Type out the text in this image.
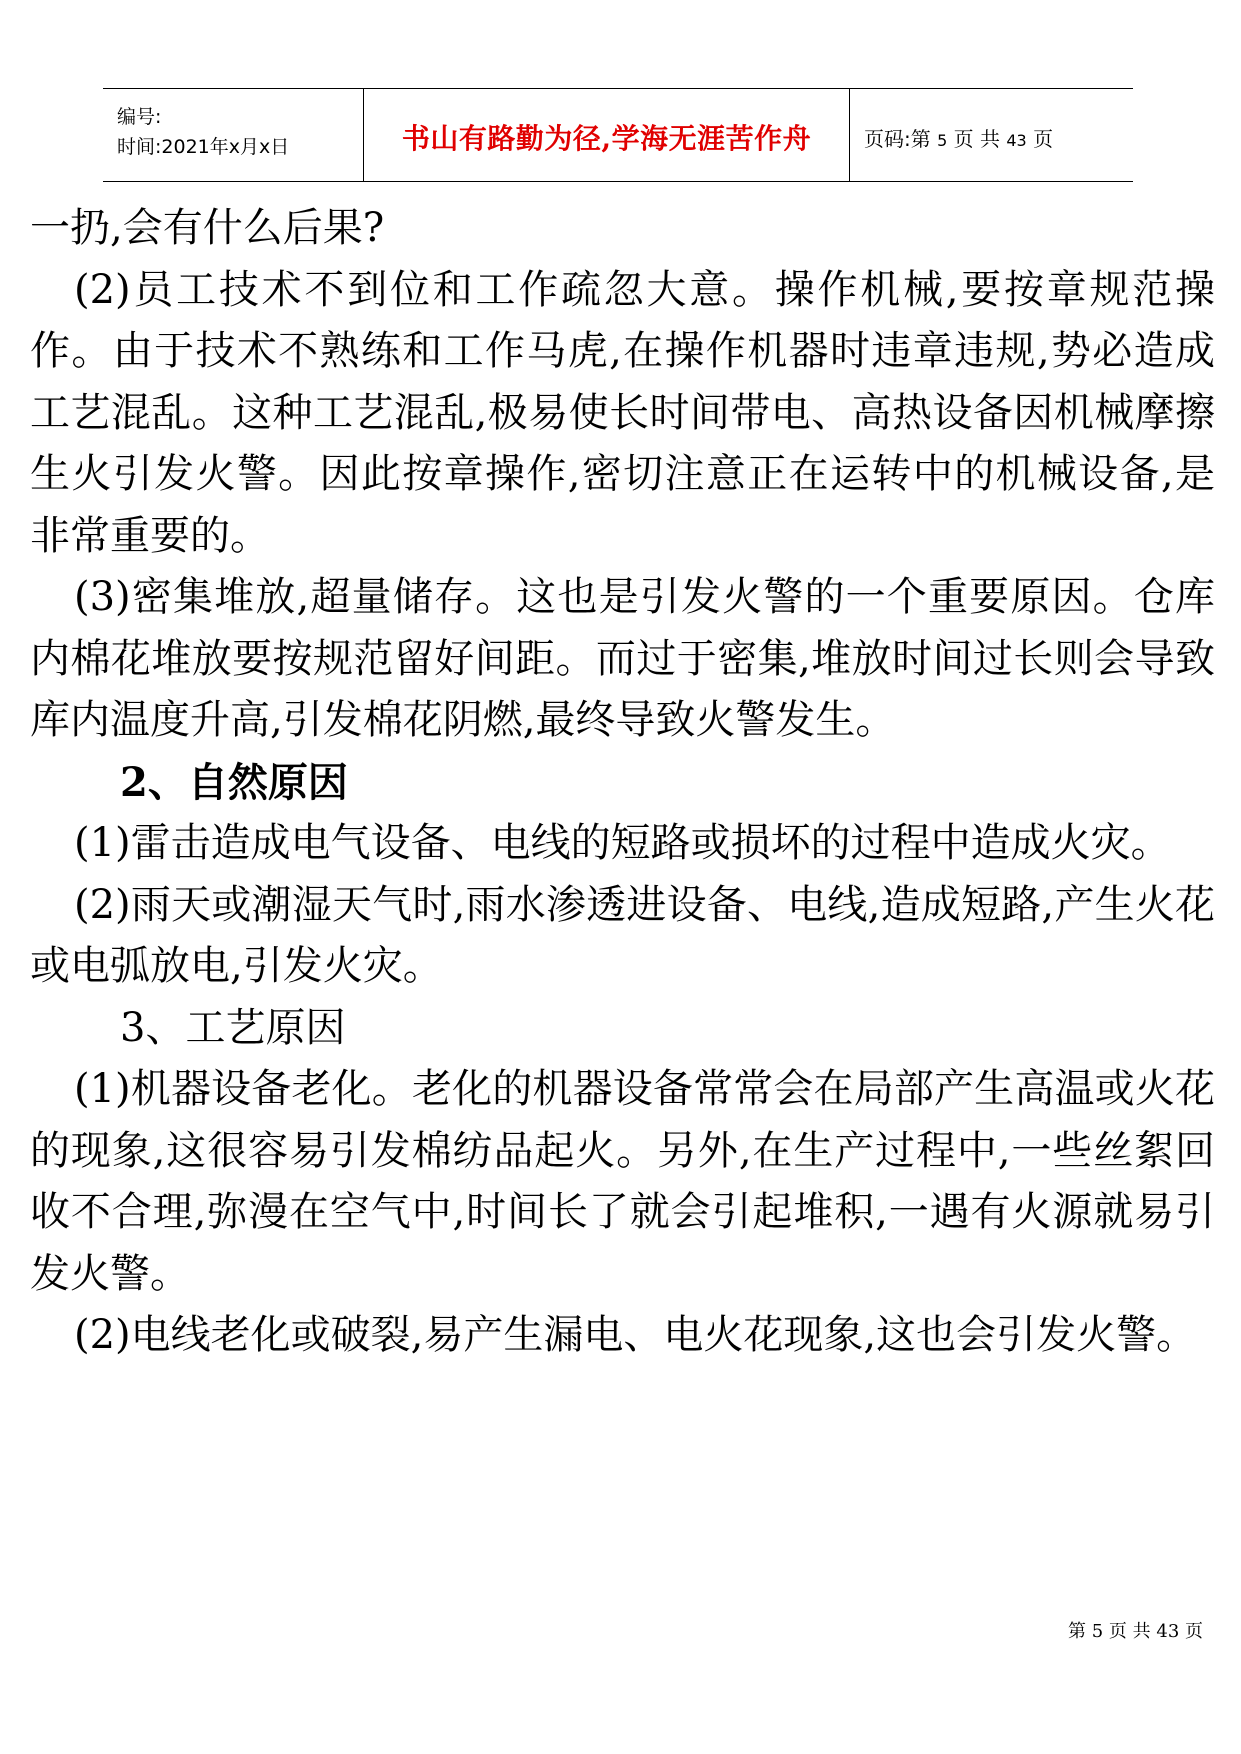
编号:
时间:2021年x月x日	书山有路勤为径,学海无涯苦作舟	页码:第 5 页 共 43 页

一扔,会有什么后果?

(2)员工技术不到位和工作疏忽大意。操作机械,要按章规范操作。由于技术不熟练和工作马虎,在操作机器时违章违规,势必造成工艺混乱。这种工艺混乱,极易使长时间带电、高热设备因机械摩擦生火引发火警。因此按章操作,密切注意正在运转中的机械设备,是非常重要的。

(3)密集堆放,超量储存。这也是引发火警的一个重要原因。仓库内棉花堆放要按规范留好间距。而过于密集,堆放时间过长则会导致库内温度升高,引发棉花阴燃,最终导致火警发生。

2、自然原因

(1)雷击造成电气设备、电线的短路或损坏的过程中造成火灾。

(2)雨天或潮湿天气时,雨水渗透进设备、电线,造成短路,产生火花或电弧放电,引发火灾。

3、工艺原因

(1)机器设备老化。老化的机器设备常常会在局部产生高温或火花的现象,这很容易引发棉纺品起火。另外,在生产过程中,一些丝絮回收不合理,弥漫在空气中,时间长了就会引起堆积,一遇有火源就易引发火警。

(2)电线老化或破裂,易产生漏电、电火花现象,这也会引发火警。

第 5 页 共 43 页
